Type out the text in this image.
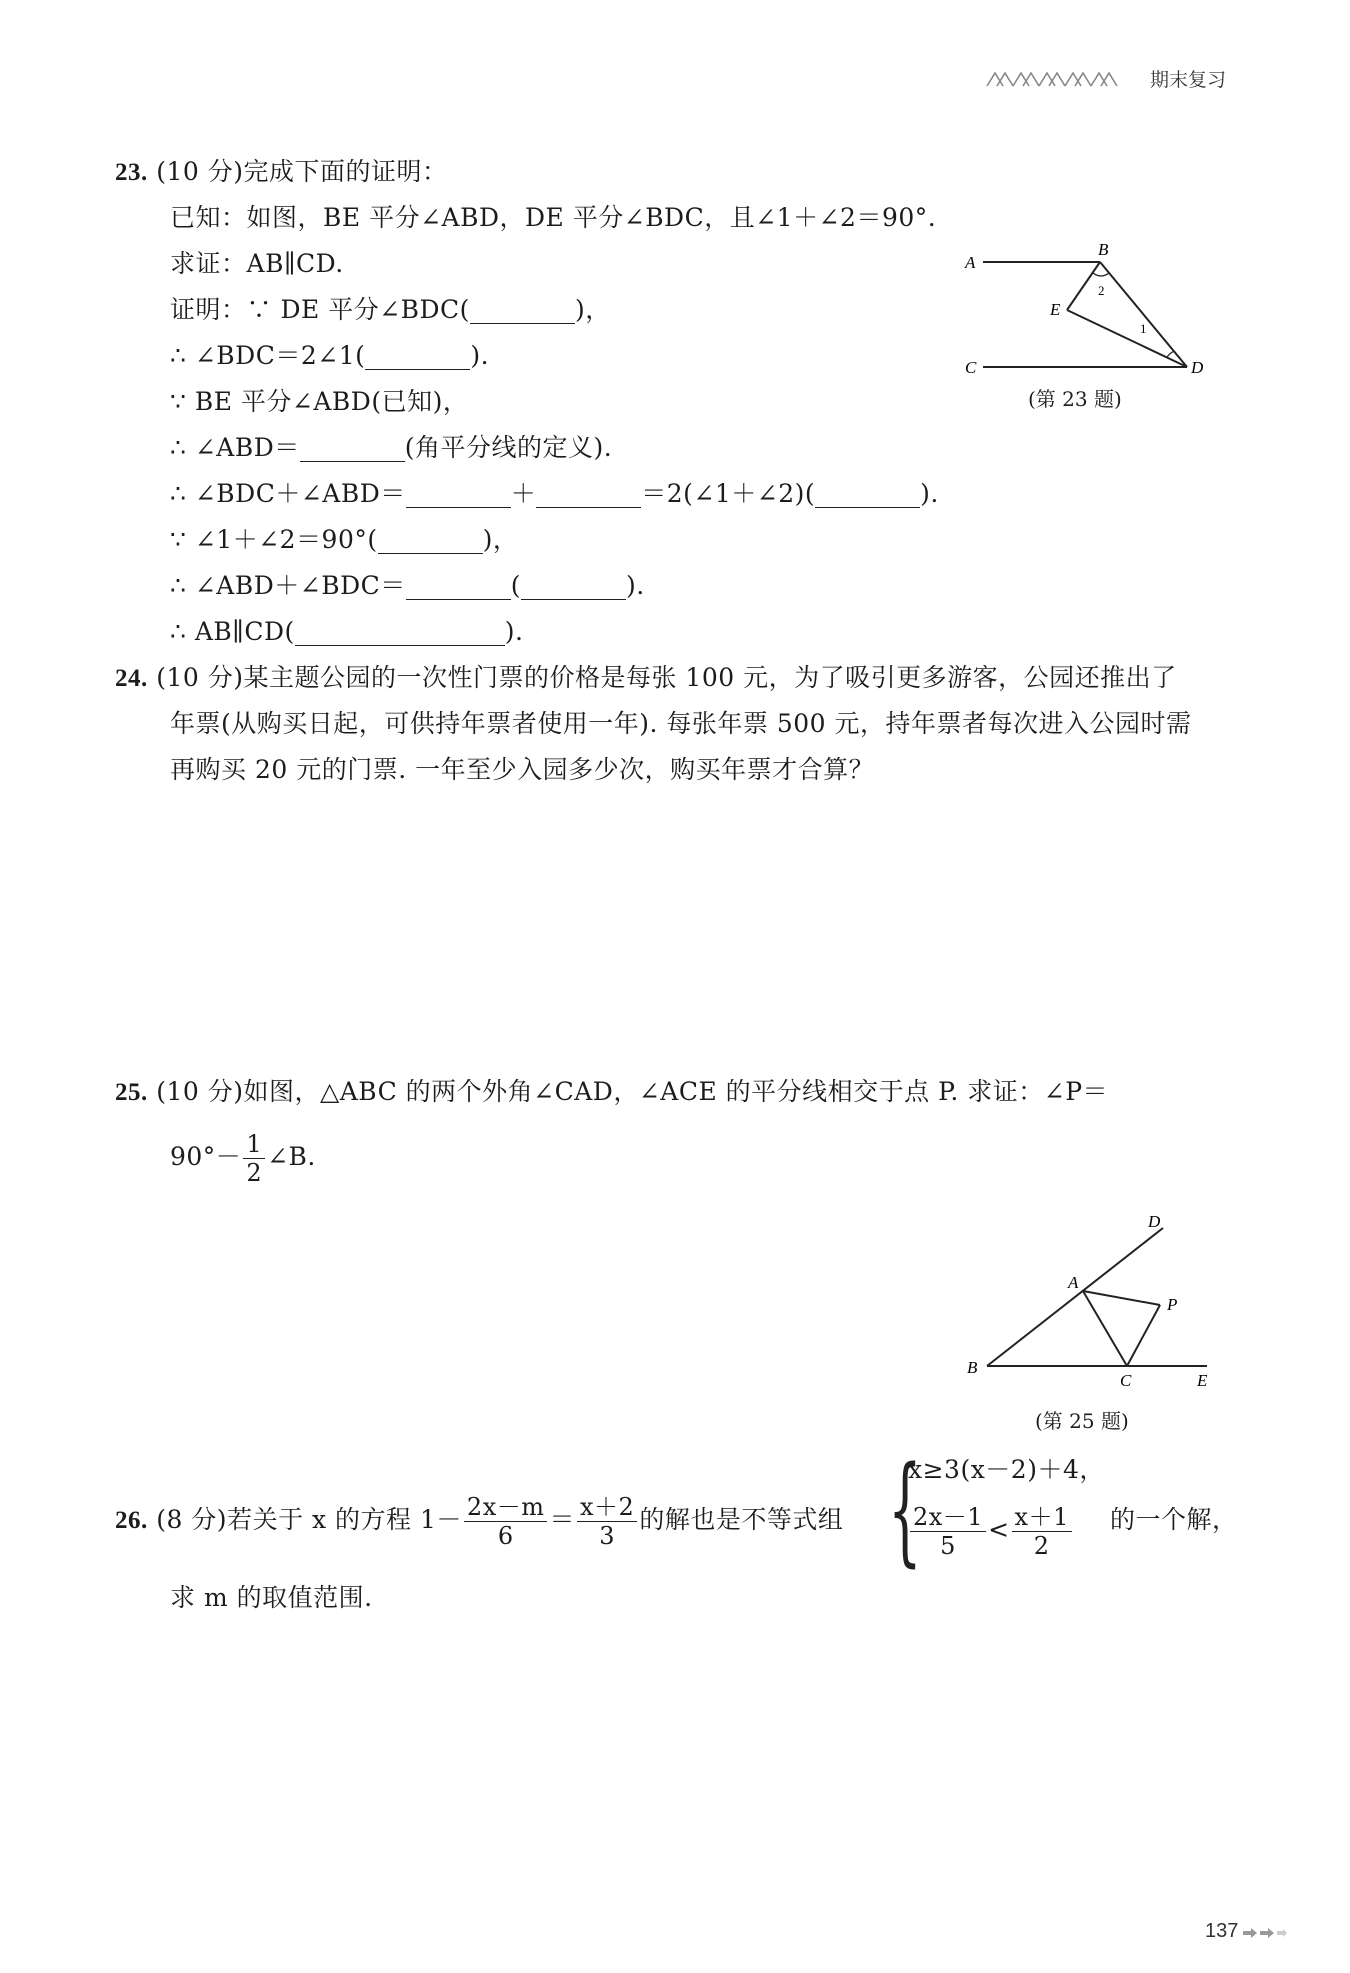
期末复习
23. (10 分)完成下面的证明：
已知：如图，BE 平分∠ABD，DE 平分∠BDC，且∠1＋∠2＝90°.
求证：AB∥CD.
证明：∵ DE 平分∠BDC(	)，
∴ ∠BDC＝2∠1(	).
∵ BE 平分∠ABD(已知)，
∴ ∠ABD＝	(角平分线的定义).
∴ ∠BDC＋∠ABD＝	＋	＝2(∠1＋∠2)(	).
∵ ∠1＋∠2＝90°(	)，
∴ ∠ABD＋∠BDC＝	(	).
∴ AB∥CD(	).
A
B
C	D
E
2
1
(第 23 题)
24. (10 分)某主题公园的一次性门票的价格是每张 100 元，为了吸引更多游客，公园还推出了
年票(从购买日起，可供持年票者使用一年). 每张年票 500 元，持年票者每次进入公园时需
再购买 20 元的门票. 一年至少入园多少次，购买年票才合算？
25. (10 分)如图，△ABC 的两个外角∠CAD，∠ACE 的平分线相交于点 P. 求证：∠P＝
$90^\circ- \frac{1}{2}$ ∠B.
A
B
C
D
E
P
(第 25 题)
26. (8 分)若关于 x 的方程 $1- \frac{2x-m}{6} = \frac{x+2}{3}$ 的解也是不等式组 {
x≥3(x－2)＋4，
$\frac{2x-1}{5} < \frac{x+1}{2}$ 的一个解，
求 m 的取值范围.
137
